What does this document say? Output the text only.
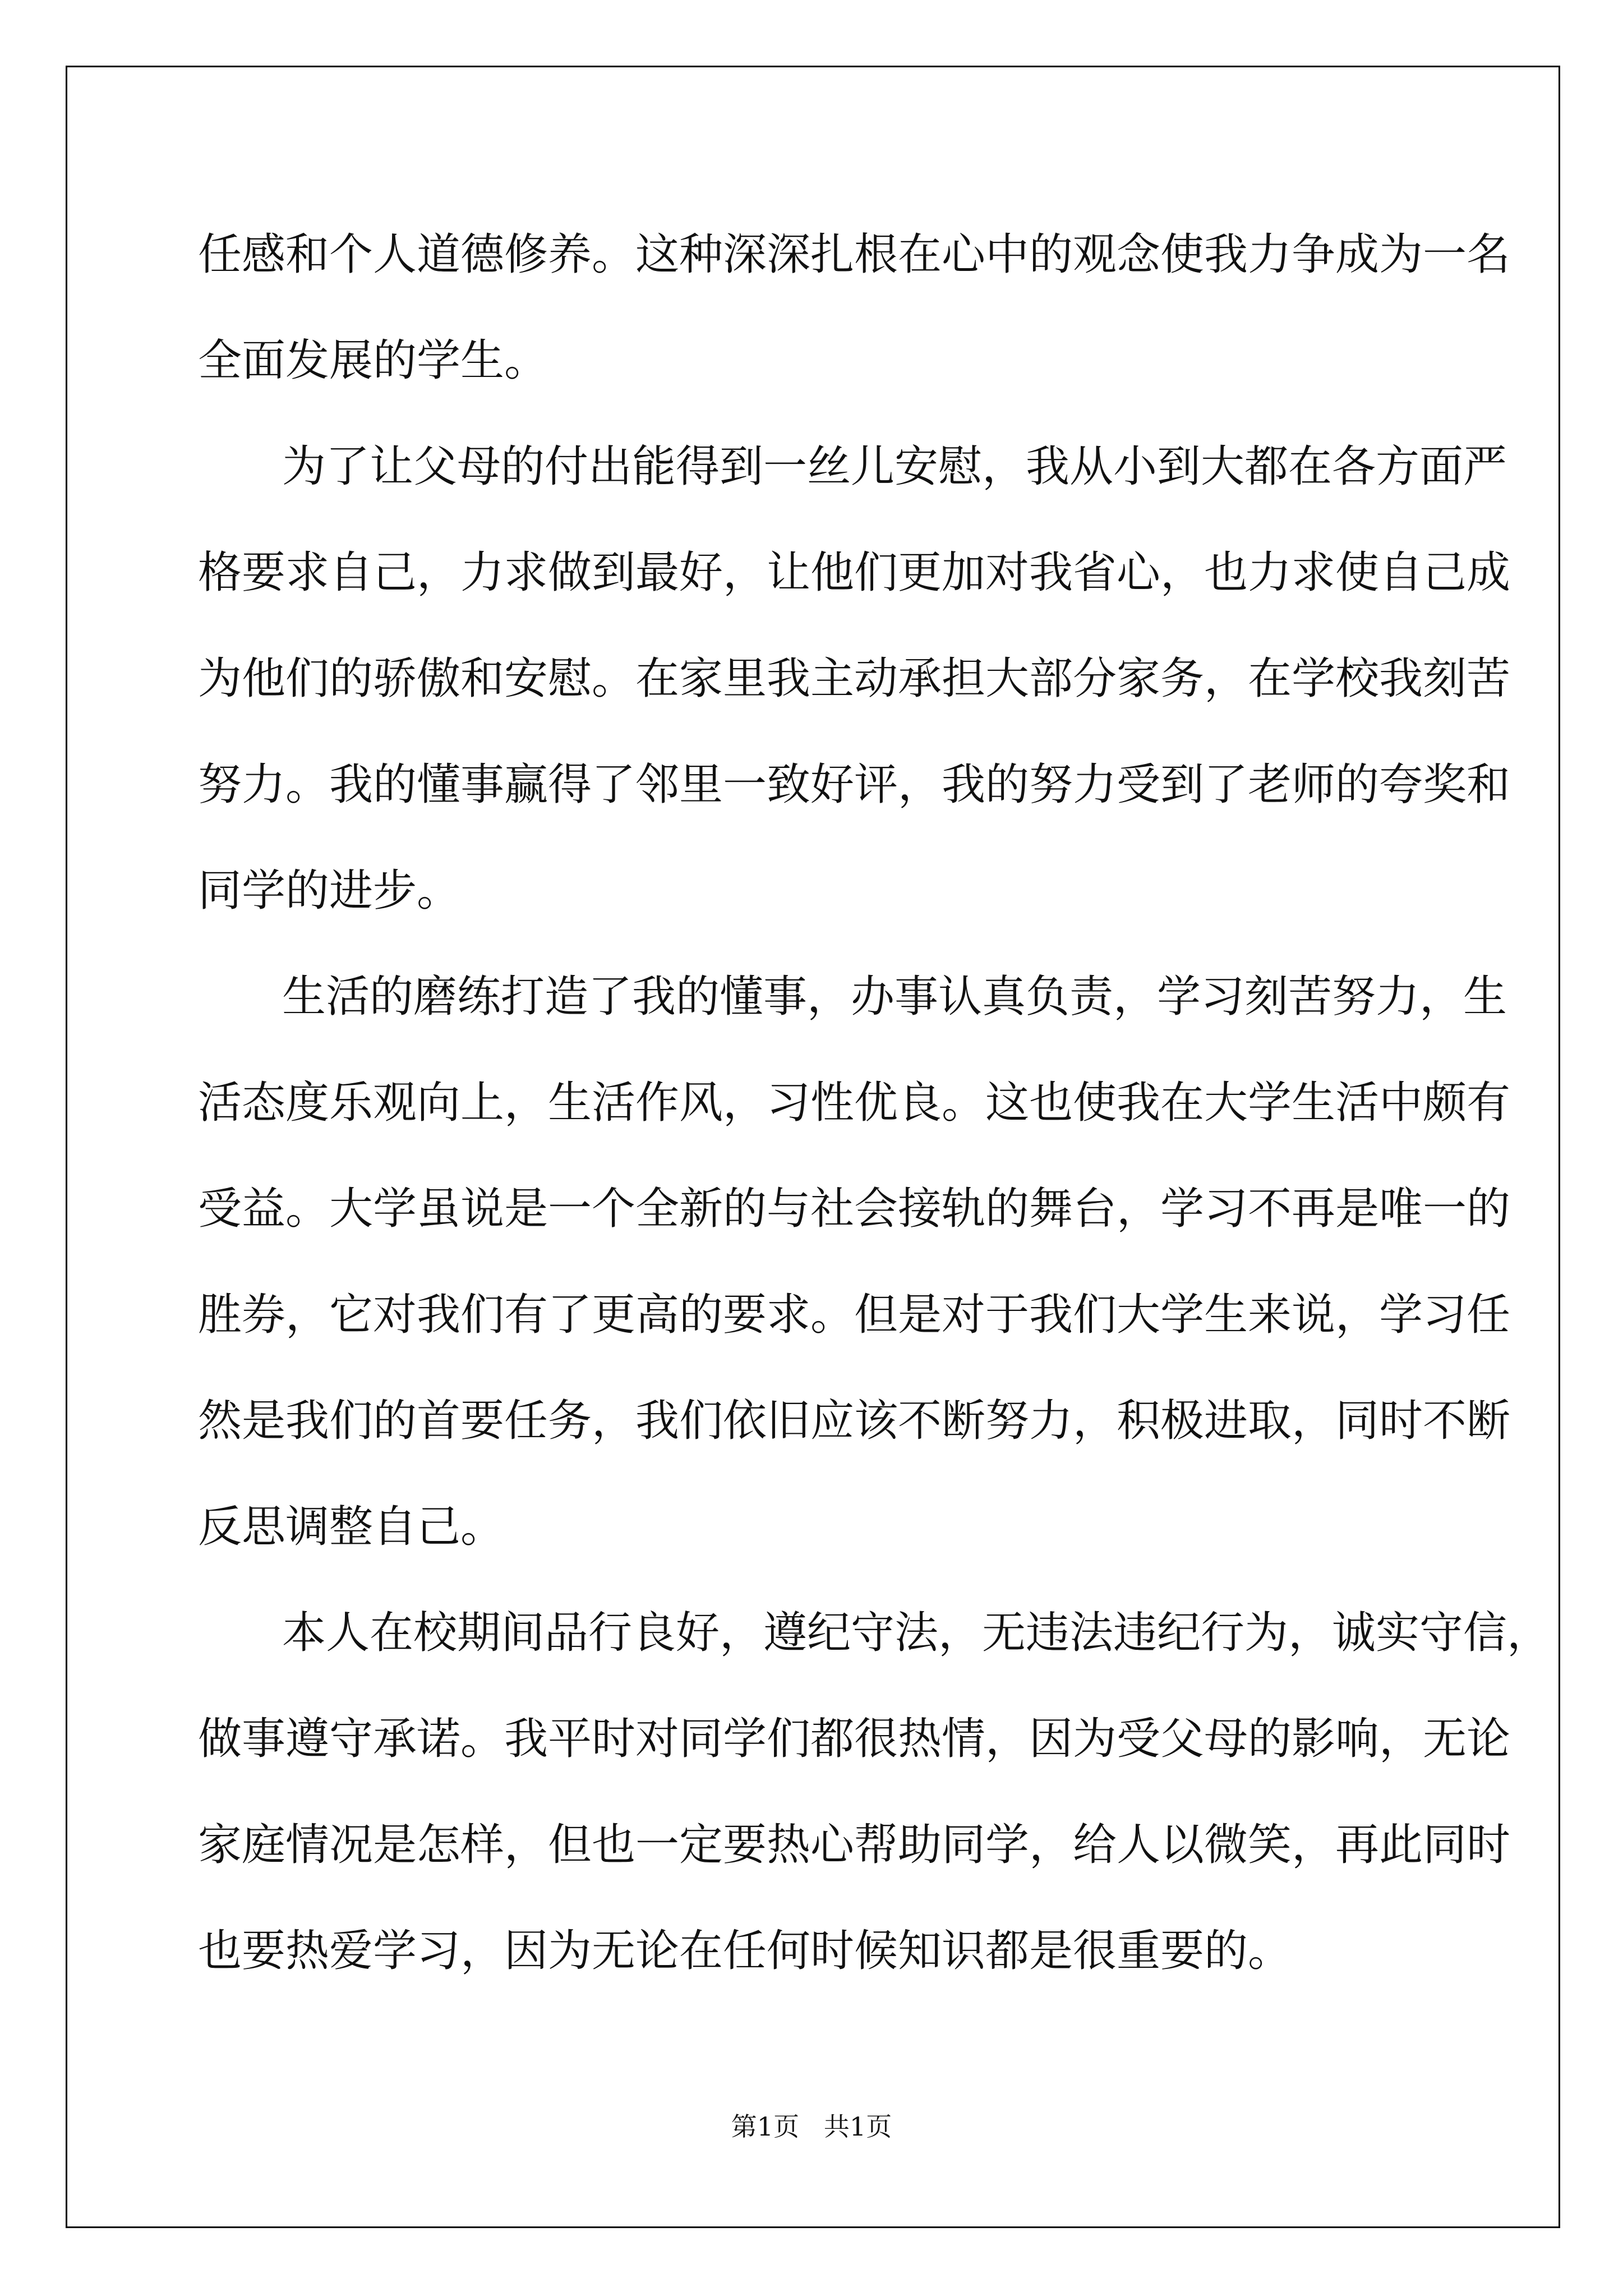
任感和个人道德修养。这种深深扎根在心中的观念使我力争成为一名
全面发展的学生。
为了让父母的付出能得到一丝儿安慰，我从小到大都在各方面严
格要求自己，力求做到最好，让他们更加对我省心，也力求使自己成
为他们的骄傲和安慰。在家里我主动承担大部分家务，在学校我刻苦
努力。我的懂事赢得了邻里一致好评，我的努力受到了老师的夸奖和
同学的进步。
生活的磨练打造了我的懂事，办事认真负责，学习刻苦努力，生
活态度乐观向上，生活作风，习性优良。这也使我在大学生活中颇有
受益。大学虽说是一个全新的与社会接轨的舞台，学习不再是唯一的
胜券，它对我们有了更高的要求。但是对于我们大学生来说，学习任
然是我们的首要任务，我们依旧应该不断努力，积极进取，同时不断
反思调整自己。
本人在校期间品行良好，遵纪守法，无违法违纪行为，诚实守信，
做事遵守承诺。我平时对同学们都很热情，因为受父母的影响，无论
家庭情况是怎样，但也一定要热心帮助同学，给人以微笑，再此同时
也要热爱学习，因为无论在任何时候知识都是很重要的。
第1页   共1页
